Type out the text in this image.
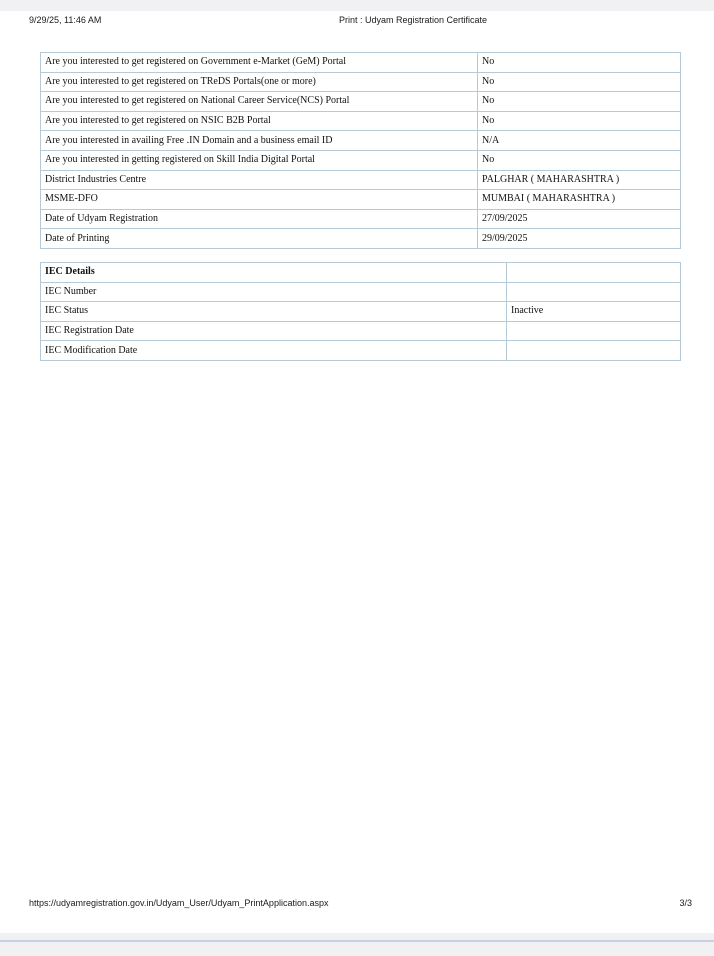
9/29/25, 11:46 AM	Print : Udyam Registration Certificate
Are you interested to get registered on Government e-Market (GeM) Portal	No
Are you interested to get registered on TReDS Portals(one or more)	No
Are you interested to get registered on National Career Service(NCS) Portal	No
Are you interested to get registered on NSIC B2B Portal	No
Are you interested in availing Free .IN Domain and a business email ID	N/A
Are you interested in getting registered on Skill India Digital Portal	No
District Industries Centre	PALGHAR ( MAHARASHTRA )
MSME-DFO	MUMBAI ( MAHARASHTRA )
Date of Udyam Registration	27/09/2025
Date of Printing	29/09/2025
IEC Details	
IEC Number	
IEC Status	Inactive
IEC Registration Date	
IEC Modification Date	
https://udyamregistration.gov.in/Udyam_User/Udyam_PrintApplication.aspx	3/3
